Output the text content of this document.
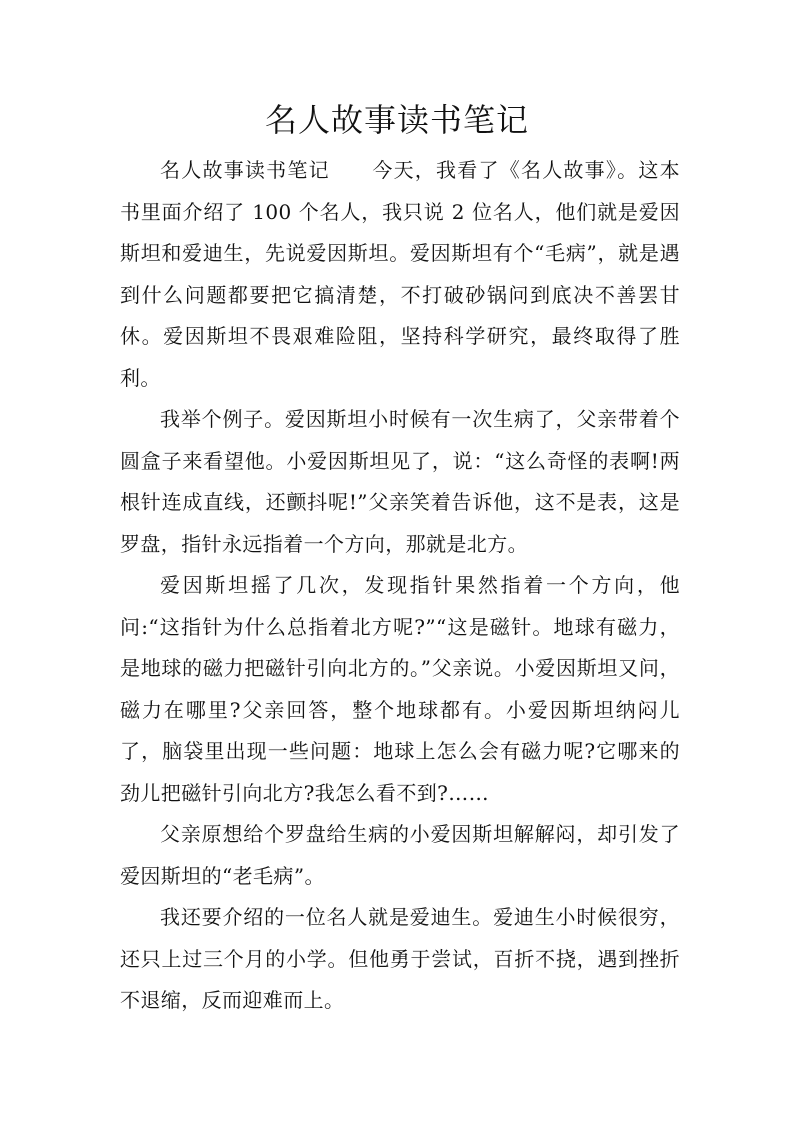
名人故事读书笔记

名人故事读书笔记　　今天，我看了《名人故事》。这本书里面介绍了 100 个名人，我只说 2 位名人，他们就是爱因斯坦和爱迪生，先说爱因斯坦。爱因斯坦有个“毛病”，就是遇到什么问题都要把它搞清楚，不打破砂锅问到底决不善罢甘休。爱因斯坦不畏艰难险阻，坚持科学研究，最终取得了胜利。

我举个例子。爱因斯坦小时候有一次生病了，父亲带着个圆盒子来看望他。小爱因斯坦见了，说：“这么奇怪的表啊!两根针连成直线，还颤抖呢!”父亲笑着告诉他，这不是表，这是罗盘，指针永远指着一个方向，那就是北方。

爱因斯坦摇了几次，发现指针果然指着一个方向，他问:“这指针为什么总指着北方呢?”“这是磁针。地球有磁力，是地球的磁力把磁针引向北方的。”父亲说。小爱因斯坦又问，磁力在哪里?父亲回答，整个地球都有。小爱因斯坦纳闷儿了，脑袋里出现一些问题：地球上怎么会有磁力呢?它哪来的劲儿把磁针引向北方?我怎么看不到?……

父亲原想给个罗盘给生病的小爱因斯坦解解闷，却引发了爱因斯坦的“老毛病”。

我还要介绍的一位名人就是爱迪生。爱迪生小时候很穷，还只上过三个月的小学。但他勇于尝试，百折不挠，遇到挫折不退缩，反而迎难而上。
